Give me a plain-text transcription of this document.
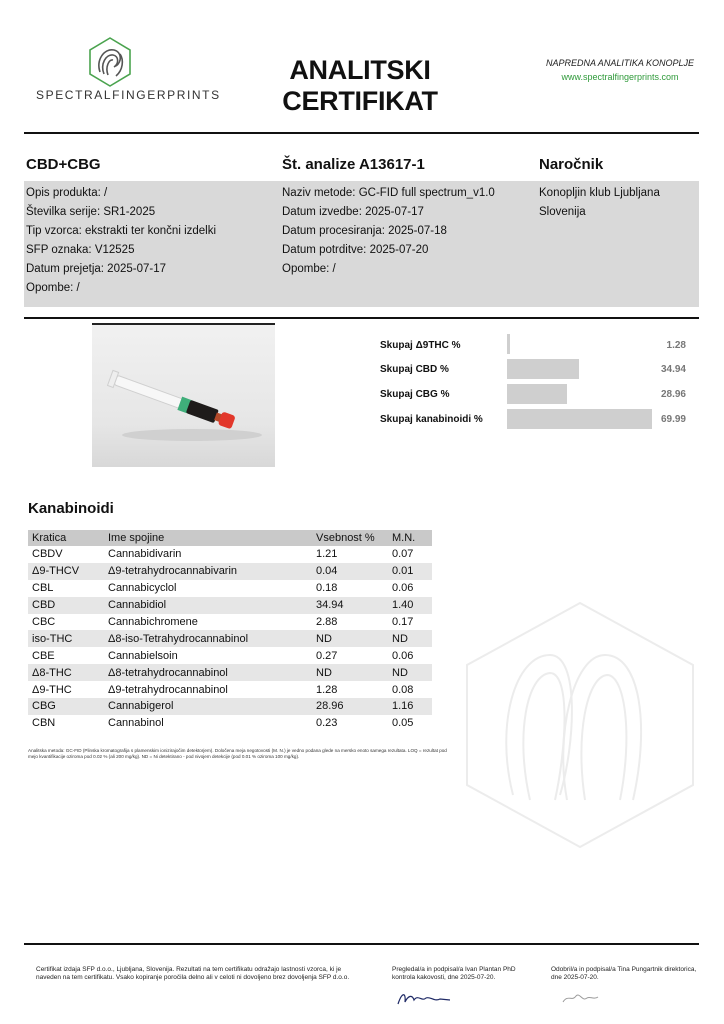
SPECTRALFINGERPRINTS
ANALITSKI CERTIFIKAT
NAPREDNA ANALITIKA KONOPLJE
www.spectralfingerprints.com
CBD+CBG	Št. analize A13617-1	Naročnik
Opis produkta: /
Številka serije: SR1-2025
Tip vzorca: ekstrakti ter končni izdelki
SFP oznaka: V12525
Datum prejetja: 2025-07-17
Opombe: /
Naziv metode: GC-FID full spectrum_v1.0
Datum izvedbe: 2025-07-17
Datum procesiranja: 2025-07-18
Datum potrditve: 2025-07-20
Opombe: /
Konopljin klub Ljubljana
Slovenija
Skupaj Δ9THC %	1.28
Skupaj CBD %	34.94
Skupaj CBG %	28.96
Skupaj kanabinoidi %	69.99
Kanabinoidi
Kratica	Ime spojine	Vsebnost %	M.N.
CBDV	Cannabidivarin	1.21	0.07
Δ9-THCV	Δ9-tetrahydrocannabivarin	0.04	0.01
CBL	Cannabicyclol	0.18	0.06
CBD	Cannabidiol	34.94	1.40
CBC	Cannabichromene	2.88	0.17
iso-THC	Δ8-iso-Tetrahydrocannabinol	ND	ND
CBE	Cannabielsoin	0.27	0.06
Δ8-THC	Δ8-tetrahydrocannabinol	ND	ND
Δ9-THC	Δ9-tetrahydrocannabinol	1.28	0.08
CBG	Cannabigerol	28.96	1.16
CBN	Cannabinol	0.23	0.05
Analitska metoda: GC-FID (Plinska kromatografija s plamenskim ionizirajočim detektorjem). Določena meja negotovosti (M. N.) je vedno podana glede na mersko enoto samega rezultata. LOQ = rezultat pod mejo kvantifikacije oziroma pod 0.02 % (ali 200 mg/kg). ND = Ni detektirano - pod nivojem detekcije (pod 0.01 % oziroma 100 mg/kg).
Certifikat izdaja SFP d.o.o., Ljubljana, Slovenija. Rezultati na tem certifikatu odražajo lastnosti vzorca, ki je naveden na tem certifikatu. Vsako kopiranje poročila delno ali v celoti ni dovoljeno brez dovoljenja SFP d.o.o.
Pregledal/a in podpisal/a Ivan Plantan PhD kontrola kakovosti, dne 2025-07-20.
Odobril/a in podpisal/a Tina Pungartnik direktorica, dne 2025-07-20.
